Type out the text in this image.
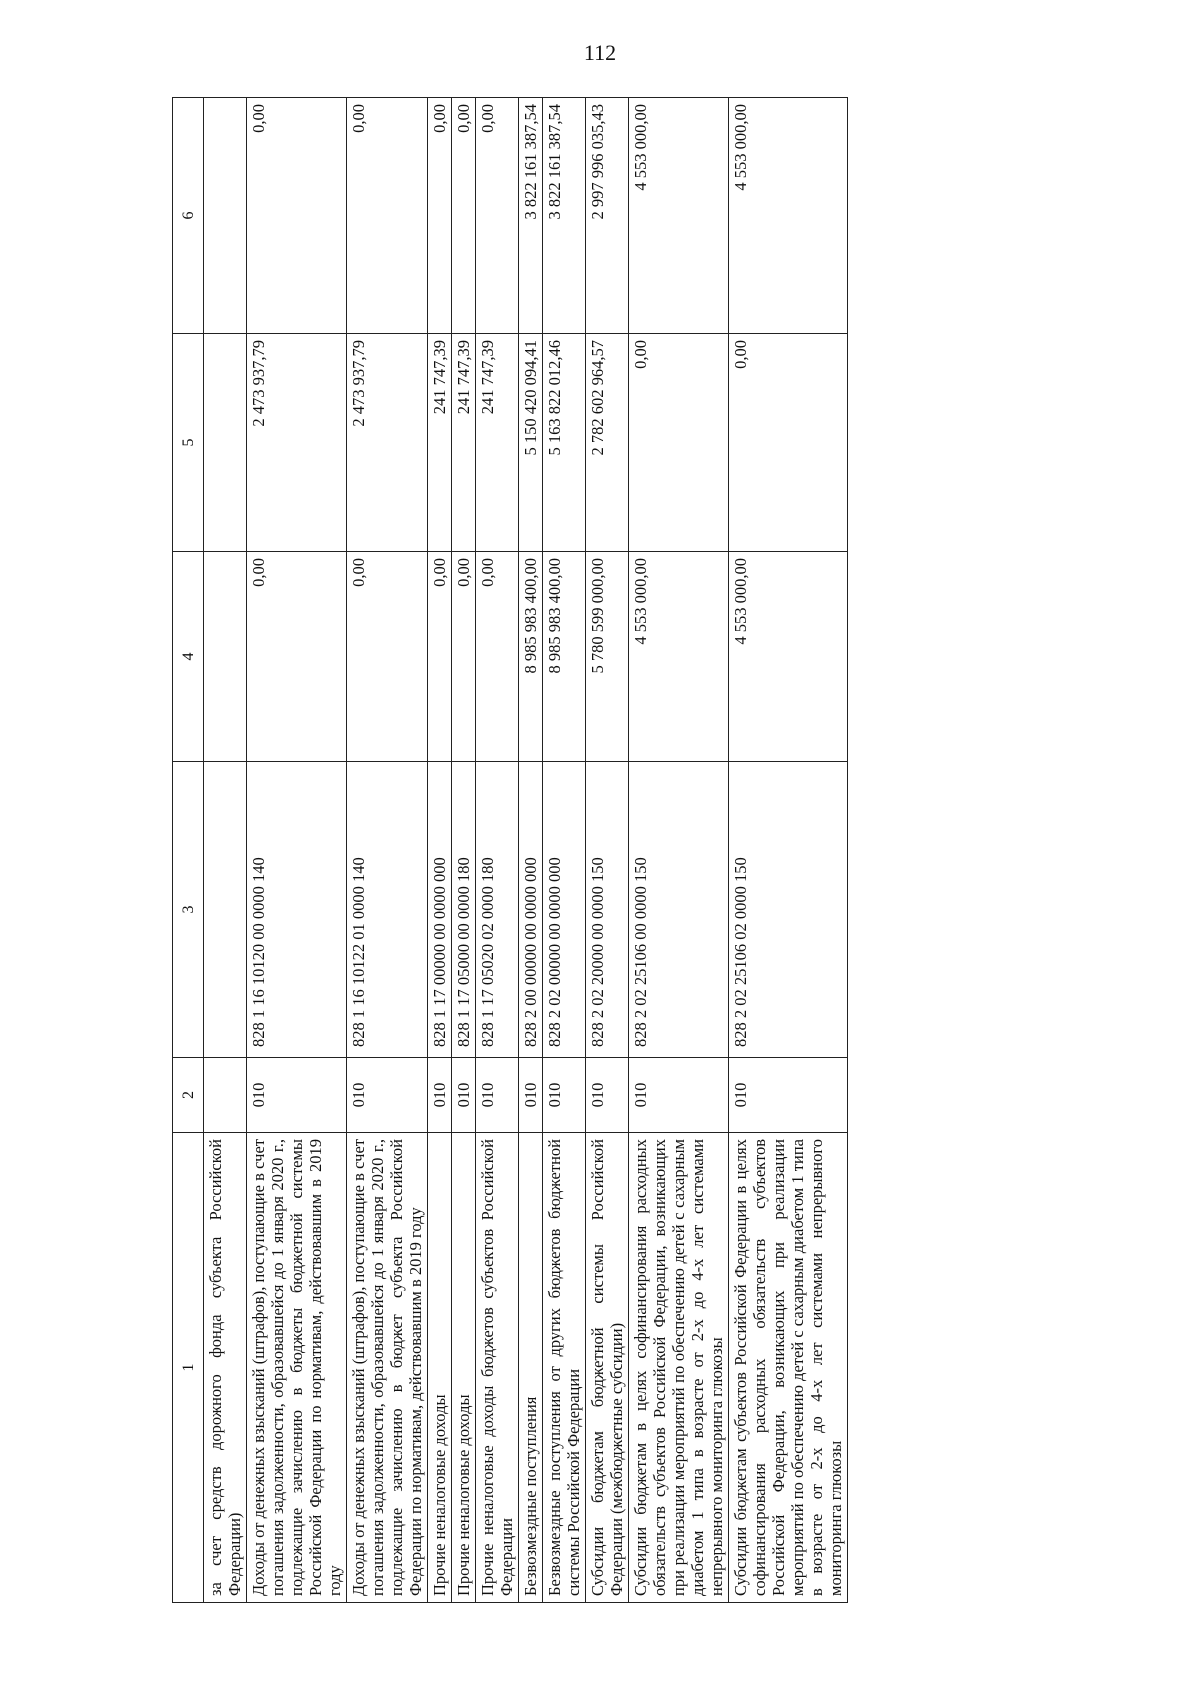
112
1	2	3	4	5	6
за счет средств дорожного фонда субъекта Российской Федерации)					
Доходы от денежных взысканий (штрафов), поступающие в счет погашения задолженности, образовавшейся до 1 января 2020 г., подлежащие зачислению в бюджеты бюджетной системы Российской Федерации по нормативам, действовавшим в 2019 году	010	828 1 16 10120 00 0000 140	0,00	2 473 937,79	0,00
Доходы от денежных взысканий (штрафов), поступающие в счет погашения задолженности, образовавшейся до 1 января 2020 г., подлежащие зачислению в бюджет субъекта Российской Федерации по нормативам, действовавшим в 2019 году	010	828 1 16 10122 01 0000 140	0,00	2 473 937,79	0,00
Прочие неналоговые доходы	010	828 1 17 00000 00 0000 000	0,00	241 747,39	0,00
Прочие неналоговые доходы	010	828 1 17 05000 00 0000 180	0,00	241 747,39	0,00
Прочие неналоговые доходы бюджетов субъектов Российской Федерации	010	828 1 17 05020 02 0000 180	0,00	241 747,39	0,00
Безвозмездные поступления	010	828 2 00 00000 00 0000 000	8 985 983 400,00	5 150 420 094,41	3 822 161 387,54
Безвозмездные поступления от других бюджетов бюджетной системы Российской Федерации	010	828 2 02 00000 00 0000 000	8 985 983 400,00	5 163 822 012,46	3 822 161 387,54
Субсидии бюджетам бюджетной системы Российской Федерации (межбюджетные субсидии)	010	828 2 02 20000 00 0000 150	5 780 599 000,00	2 782 602 964,57	2 997 996 035,43
Субсидии бюджетам в целях софинансирования расходных обязательств субъектов Российской Федерации, возникающих при реализации мероприятий по обеспечению детей с сахарным диабетом 1 типа в возрасте от 2-х до 4-х лет системами непрерывного мониторинга глюкозы	010	828 2 02 25106 00 0000 150	4 553 000,00	0,00	4 553 000,00
Субсидии бюджетам субъектов Российской Федерации в целях софинансирования расходных обязательств субъектов Российской Федерации, возникающих при реализации мероприятий по обеспечению детей с сахарным диабетом 1 типа в возрасте от 2-х до 4-х лет системами непрерывного мониторинга глюкозы	010	828 2 02 25106 02 0000 150	4 553 000,00	0,00	4 553 000,00
